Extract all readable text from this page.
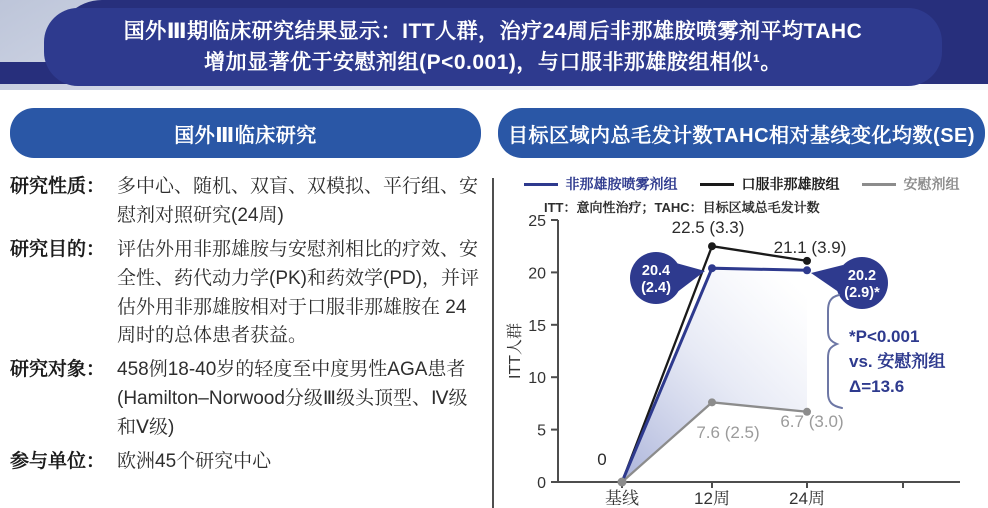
国外Ⅲ期临床研究结果显示：ITT人群，治疗24周后非那雄胺喷雾剂平均TAHC
增加显著优于安慰剂组(P<0.001)，与口服非那雄胺组相似¹。
国外Ⅲ临床研究
研究性质： 多中心、随机、双盲、双模拟、平行组、安慰剂对照研究(24周)
研究目的： 评估外用非那雄胺与安慰剂相比的疗效、安全性、药代动力学(PK)和药效学(PD)，并评估外用非那雄胺相对于口服非那雄胺在 24 周时的总体患者获益。
研究对象： 458例18-40岁的轻度至中度男性AGA患者(Hamilton–Norwood分级Ⅲ级头顶型、Ⅳ级和Ⅴ级)
参与单位： 欧洲45个研究中心
目标区域内总毛发计数TAHC相对基线变化均数(SE)
非那雄胺喷雾剂组	口服非那雄胺组	安慰剂组
ITT：意向性治疗；TAHC：目标区域总毛发计数
0
5
10
15
20
25
基线	12周	24周
ITT人群
0
22.5 (3.3)
21.1 (3.9)
7.6 (2.5)
6.7 (3.0)
20.4
(2.4)
20.2
(2.9)*
*P<0.001
vs. 安慰剂组
Δ=13.6
